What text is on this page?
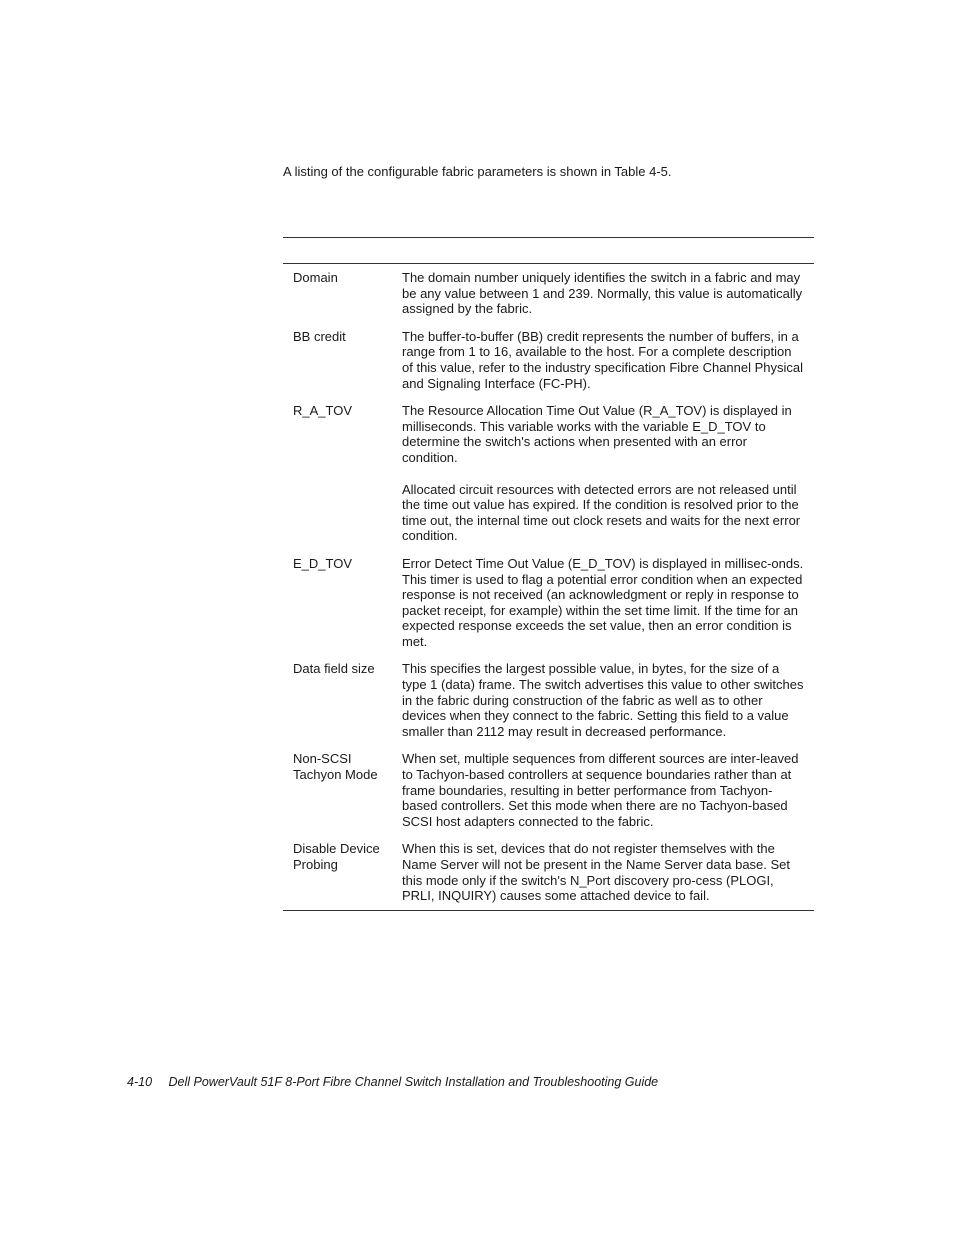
A listing of the configurable fabric parameters is shown in Table 4-5.

Domain	The domain number uniquely identifies the switch in a fabric and may be any value between 1 and 239. Normally, this value is automatically assigned by the fabric.

BB credit	The buffer-to-buffer (BB) credit represents the number of buffers, in a range from 1 to 16, available to the host. For a complete description of this value, refer to the industry specification Fibre Channel Physical and Signaling Interface (FC-PH).

R_A_TOV	The Resource Allocation Time Out Value (R_A_TOV) is displayed in milliseconds. This variable works with the variable E_D_TOV to determine the switch's actions when presented with an error condition.

Allocated circuit resources with detected errors are not released until the time out value has expired. If the condition is resolved prior to the time out, the internal time out clock resets and waits for the next error condition.

E_D_TOV	Error Detect Time Out Value (E_D_TOV) is displayed in millisec-onds. This timer is used to flag a potential error condition when an expected response is not received (an acknowledgment or reply in response to packet receipt, for example) within the set time limit. If the time for an expected response exceeds the set value, then an error condition is met.

Data field size	This specifies the largest possible value, in bytes, for the size of a type 1 (data) frame. The switch advertises this value to other switches in the fabric during construction of the fabric as well as to other devices when they connect to the fabric. Setting this field to a value smaller than 2112 may result in decreased performance.

Non-SCSI Tachyon Mode	When set, multiple sequences from different sources are inter-leaved to Tachyon-based controllers at sequence boundaries rather than at frame boundaries, resulting in better performance from Tachyon-based controllers. Set this mode when there are no Tachyon-based SCSI host adapters connected to the fabric.

Disable Device Probing	When this is set, devices that do not register themselves with the Name Server will not be present in the Name Server data base. Set this mode only if the switch's N_Port discovery pro-cess (PLOGI, PRLI, INQUIRY) causes some attached device to fail.

4-10 Dell PowerVault 51F 8-Port Fibre Channel Switch Installation and Troubleshooting Guide
